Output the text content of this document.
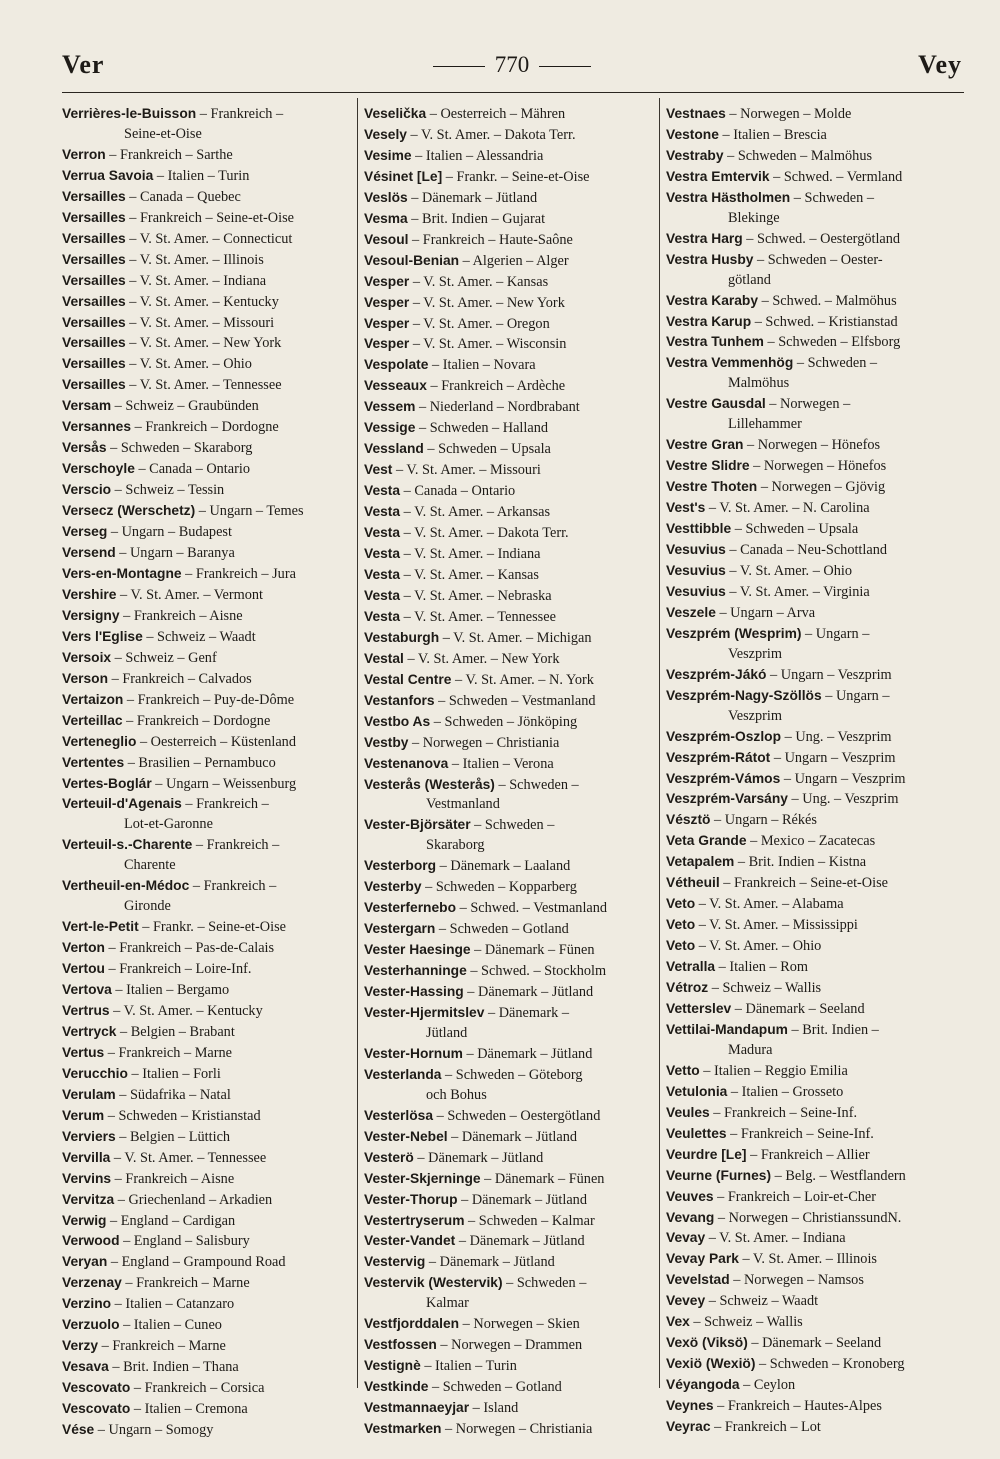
Ver	770	Vey
Verrières-le-Buisson – Frankreich –
Seine-et-Oise
Verron – Frankreich – Sarthe
Verrua Savoia – Italien – Turin
Versailles – Canada – Quebec
Versailles – Frankreich – Seine-et-Oise
Versailles – V. St. Amer. – Connecticut
Versailles – V. St. Amer. – Illinois
Versailles – V. St. Amer. – Indiana
Versailles – V. St. Amer. – Kentucky
Versailles – V. St. Amer. – Missouri
Versailles – V. St. Amer. – New York
Versailles – V. St. Amer. – Ohio
Versailles – V. St. Amer. – Tennessee
Versam – Schweiz – Graubünden
Versannes – Frankreich – Dordogne
Versås – Schweden – Skaraborg
Verschoyle – Canada – Ontario
Verscio – Schweiz – Tessin
Versecz (Werschetz) – Ungarn – Temes
Verseg – Ungarn – Budapest
Versend – Ungarn – Baranya
Vers-en-Montagne – Frankreich – Jura
Vershire – V. St. Amer. – Vermont
Versigny – Frankreich – Aisne
Vers l'Eglise – Schweiz – Waadt
Versoix – Schweiz – Genf
Verson – Frankreich – Calvados
Vertaizon – Frankreich – Puy-de-Dôme
Verteillac – Frankreich – Dordogne
Verteneglio – Oesterreich – Küstenland
Vertentes – Brasilien – Pernambuco
Vertes-Boglár – Ungarn – Weissenburg
Verteuil-d'Agenais – Frankreich –
Lot-et-Garonne
Verteuil-s.-Charente – Frankreich –
Charente
Vertheuil-en-Médoc – Frankreich –
Gironde
Vert-le-Petit – Frankr. – Seine-et-Oise
Verton – Frankreich – Pas-de-Calais
Vertou – Frankreich – Loire-Inf.
Vertova – Italien – Bergamo
Vertrus – V. St. Amer. – Kentucky
Vertryck – Belgien – Brabant
Vertus – Frankreich – Marne
Verucchio – Italien – Forli
Verulam – Südafrika – Natal
Verum – Schweden – Kristianstad
Verviers – Belgien – Lüttich
Vervilla – V. St. Amer. – Tennessee
Vervins – Frankreich – Aisne
Vervitza – Griechenland – Arkadien
Verwig – England – Cardigan
Verwood – England – Salisbury
Veryan – England – Grampound Road
Verzenay – Frankreich – Marne
Verzino – Italien – Catanzaro
Verzuolo – Italien – Cuneo
Verzy – Frankreich – Marne
Vesava – Brit. Indien – Thana
Vescovato – Frankreich – Corsica
Vescovato – Italien – Cremona
Vése – Ungarn – Somogy
Veselička – Oesterreich – Mähren
Vesely – V. St. Amer. – Dakota Terr.
Vesime – Italien – Alessandria
Vésinet [Le] – Frankr. – Seine-et-Oise
Veslös – Dänemark – Jütland
Vesma – Brit. Indien – Gujarat
Vesoul – Frankreich – Haute-Saône
Vesoul-Benian – Algerien – Alger
Vesper – V. St. Amer. – Kansas
Vesper – V. St. Amer. – New York
Vesper – V. St. Amer. – Oregon
Vesper – V. St. Amer. – Wisconsin
Vespolate – Italien – Novara
Vesseaux – Frankreich – Ardèche
Vessem – Niederland – Nordbrabant
Vessige – Schweden – Halland
Vessland – Schweden – Upsala
Vest – V. St. Amer. – Missouri
Vesta – Canada – Ontario
Vesta – V. St. Amer. – Arkansas
Vesta – V. St. Amer. – Dakota Terr.
Vesta – V. St. Amer. – Indiana
Vesta – V. St. Amer. – Kansas
Vesta – V. St. Amer. – Nebraska
Vesta – V. St. Amer. – Tennessee
Vestaburgh – V. St. Amer. – Michigan
Vestal – V. St. Amer. – New York
Vestal Centre – V. St. Amer. – N. York
Vestanfors – Schweden – Vestmanland
Vestbo As – Schweden – Jönköping
Vestby – Norwegen – Christiania
Vestenanova – Italien – Verona
Vesterås (Westerås) – Schweden –
Vestmanland
Vester-Björsäter – Schweden –
Skaraborg
Vesterborg – Dänemark – Laaland
Vesterby – Schweden – Kopparberg
Vesterfernebo – Schwed. – Vestmanland
Vestergarn – Schweden – Gotland
Vester Haesinge – Dänemark – Fünen
Vesterhanninge – Schwed. – Stockholm
Vester-Hassing – Dänemark – Jütland
Vester-Hjermitslev – Dänemark –
Jütland
Vester-Hornum – Dänemark – Jütland
Vesterlanda – Schweden – Göteborg
och Bohus
Vesterlösa – Schweden – Oestergötland
Vester-Nebel – Dänemark – Jütland
Vesterö – Dänemark – Jütland
Vester-Skjerninge – Dänemark – Fünen
Vester-Thorup – Dänemark – Jütland
Vestertryserum – Schweden – Kalmar
Vester-Vandet – Dänemark – Jütland
Vestervig – Dänemark – Jütland
Vestervik (Westervik) – Schweden –
Kalmar
Vestfjorddalen – Norwegen – Skien
Vestfossen – Norwegen – Drammen
Vestignè – Italien – Turin
Vestkinde – Schweden – Gotland
Vestmannaeyjar – Island
Vestmarken – Norwegen – Christiania
Vestnaes – Norwegen – Molde
Vestone – Italien – Brescia
Vestraby – Schweden – Malmöhus
Vestra Emtervik – Schwed. – Vermland
Vestra Hästholmen – Schweden –
Blekinge
Vestra Harg – Schwed. – Oestergötland
Vestra Husby – Schweden – Oester-
götland
Vestra Karaby – Schwed. – Malmöhus
Vestra Karup – Schwed. – Kristianstad
Vestra Tunhem – Schweden – Elfsborg
Vestra Vemmenhög – Schweden –
Malmöhus
Vestre Gausdal – Norwegen –
Lillehammer
Vestre Gran – Norwegen – Hönefos
Vestre Slidre – Norwegen – Hönefos
Vestre Thoten – Norwegen – Gjövig
Vest's – V. St. Amer. – N. Carolina
Vesttibble – Schweden – Upsala
Vesuvius – Canada – Neu-Schottland
Vesuvius – V. St. Amer. – Ohio
Vesuvius – V. St. Amer. – Virginia
Veszele – Ungarn – Arva
Veszprém (Wesprim) – Ungarn –
Veszprim
Veszprém-Jákó – Ungarn – Veszprim
Veszprém-Nagy-Szöllös – Ungarn –
Veszprim
Veszprém-Oszlop – Ung. – Veszprim
Veszprém-Rátot – Ungarn – Veszprim
Veszprém-Vámos – Ungarn – Veszprim
Veszprém-Varsány – Ung. – Veszprim
Vésztö – Ungarn – Rékés
Veta Grande – Mexico – Zacatecas
Vetapalem – Brit. Indien – Kistna
Vétheuil – Frankreich – Seine-et-Oise
Veto – V. St. Amer. – Alabama
Veto – V. St. Amer. – Mississippi
Veto – V. St. Amer. – Ohio
Vetralla – Italien – Rom
Vétroz – Schweiz – Wallis
Vetterslev – Dänemark – Seeland
Vettilai-Mandapum – Brit. Indien –
Madura
Vetto – Italien – Reggio Emilia
Vetulonia – Italien – Grosseto
Veules – Frankreich – Seine-Inf.
Veulettes – Frankreich – Seine-Inf.
Veurdre [Le] – Frankreich – Allier
Veurne (Furnes) – Belg. – Westflandern
Veuves – Frankreich – Loir-et-Cher
Vevang – Norwegen – ChristianssundN.
Vevay – V. St. Amer. – Indiana
Vevay Park – V. St. Amer. – Illinois
Vevelstad – Norwegen – Namsos
Vevey – Schweiz – Waadt
Vex – Schweiz – Wallis
Vexö (Viksö) – Dänemark – Seeland
Vexiö (Wexiö) – Schweden – Kronoberg
Véyangoda – Ceylon
Veynes – Frankreich – Hautes-Alpes
Veyrac – Frankreich – Lot
